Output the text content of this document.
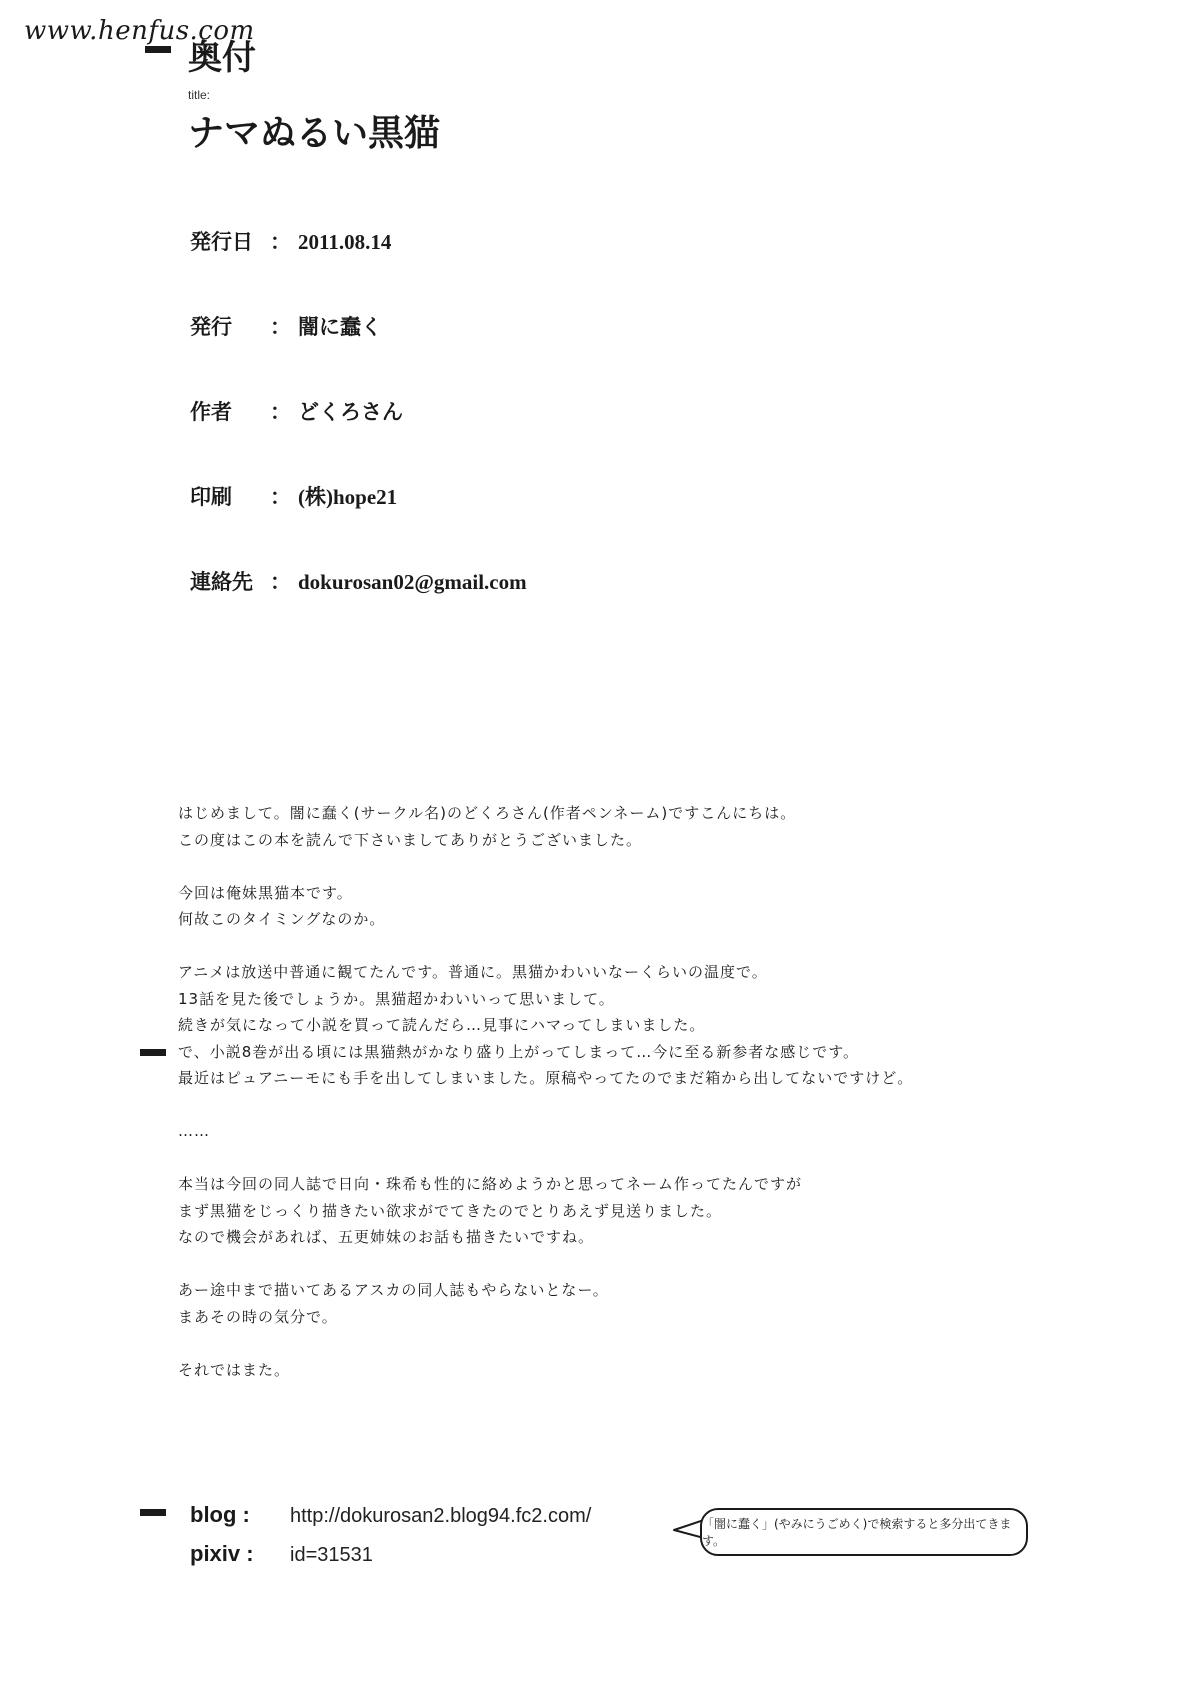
www.henfus.com
奥付
title:
ナマぬるい黒猫
発行日 ： 2011.08.14
発行	： 闇に蠢く
作者	： どくろさん
印刷	： (株)hope21
連絡先 ： dokurosan02@gmail.com

はじめまして。闇に蠢く(サークル名)のどくろさん(作者ペンネーム)ですこんにちは。

この度はこの本を読んで下さいましてありがとうございました。

今回は俺妹黒猫本です。

何故このタイミングなのか。

アニメは放送中普通に観てたんです。普通に。黒猫かわいいなーくらいの温度で。

13話を見た後でしょうか。黒猫超かわいいって思いまして。

続きが気になって小説を買って読んだら…見事にハマってしまいました。

で、小説8巻が出る頃には黒猫熱がかなり盛り上がってしまって…今に至る新参者な感じです。

最近はピュアニーモにも手を出してしまいました。原稿やってたのでまだ箱から出してないですけど。

……

本当は今回の同人誌で日向・珠希も性的に絡めようかと思ってネーム作ってたんですが

まず黒猫をじっくり描きたい欲求がでてきたのでとりあえず見送りました。

なので機会があれば、五更姉妹のお話も描きたいですね。

あー途中まで描いてあるアスカの同人誌もやらないとなー。

まあその時の気分で。

それではまた。

blog :	http://dokurosan2.blog94.fc2.com/
pixiv :	id=31531
「闇に蠢く」(やみにうごめく)で検索すると多分出てきます。
